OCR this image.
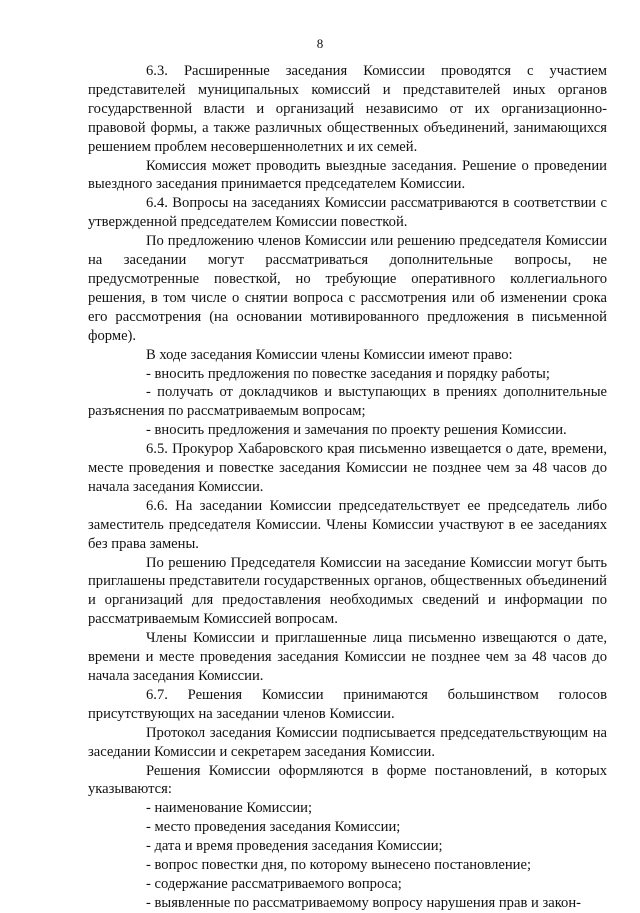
8

6.3. Расширенные заседания Комиссии проводятся с участием представителей муниципальных комиссий и представителей иных органов государственной власти и организаций независимо от их организационно-правовой формы, а также различных общественных объединений, занимающихся решением проблем несовершеннолетних и их семей.

Комиссия может проводить выездные заседания. Решение о проведении выездного заседания принимается председателем Комиссии.

6.4. Вопросы на заседаниях Комиссии рассматриваются в соответствии с утвержденной председателем Комиссии повесткой.

По предложению членов Комиссии или решению председателя Комиссии на заседании могут рассматриваться дополнительные вопросы, не предусмотренные повесткой, но требующие оперативного коллегиального решения, в том числе о снятии вопроса с рассмотрения или об изменении срока его рассмотрения (на основании мотивированного предложения в письменной форме).

В ходе заседания Комиссии члены Комиссии имеют право:

- вносить предложения по повестке заседания и порядку работы;

- получать от докладчиков и выступающих в прениях дополнительные разъяснения по рассматриваемым вопросам;

- вносить предложения и замечания по проекту решения Комиссии.

6.5. Прокурор Хабаровского края письменно извещается о дате, времени, месте проведения и повестке заседания Комиссии не позднее чем за 48 часов до начала заседания Комиссии.

6.6. На заседании Комиссии председательствует ее председатель либо заместитель председателя Комиссии. Члены Комиссии участвуют в ее заседаниях без права замены.

По решению Председателя Комиссии на заседание Комиссии могут быть приглашены представители государственных органов, общественных объединений и организаций для предоставления необходимых сведений и информации по рассматриваемым Комиссией вопросам.

Члены Комиссии и приглашенные лица письменно извещаются о дате, времени и месте проведения заседания Комиссии не позднее чем за 48 часов до начала заседания Комиссии.

6.7. Решения Комиссии принимаются большинством голосов присутствующих на заседании членов Комиссии.

Протокол заседания Комиссии подписывается председательствующим на заседании Комиссии и секретарем заседания Комиссии.

Решения Комиссии оформляются в форме постановлений, в которых указываются:

- наименование Комиссии;

- место проведения заседания Комиссии;

- дата и время проведения заседания Комиссии;

- вопрос повестки дня, по которому вынесено постановление;

- содержание рассматриваемого вопроса;

- выявленные по рассматриваемому вопросу нарушения прав и закон-
